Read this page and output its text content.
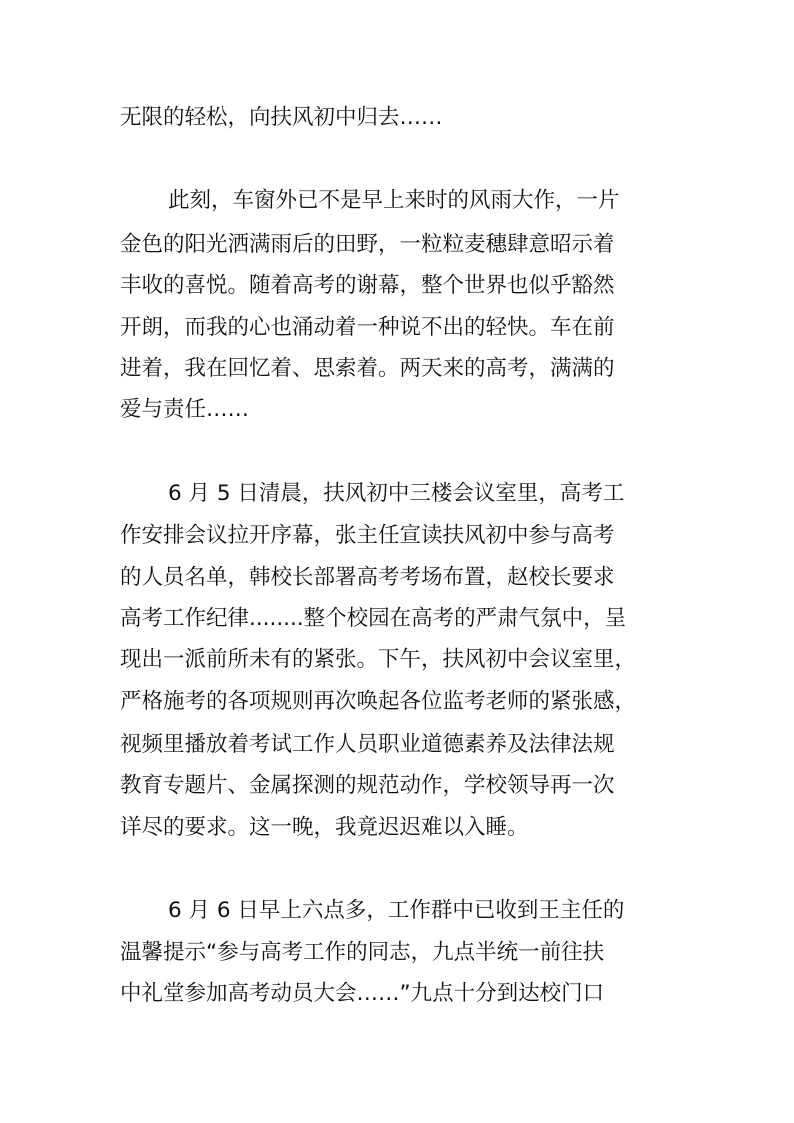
无限的轻松，向扶风初中归去……
此刻，车窗外已不是早上来时的风雨大作，一片
金色的阳光洒满雨后的田野，一粒粒麦穗肆意昭示着
丰收的喜悦。随着高考的谢幕，整个世界也似乎豁然
开朗，而我的心也涌动着一种说不出的轻快。车在前
进着，我在回忆着、思索着。两天来的高考，满满的
爱与责任……
6 月 5 日清晨，扶风初中三楼会议室里，高考工
作安排会议拉开序幕，张主任宣读扶风初中参与高考
的人员名单，韩校长部署高考考场布置，赵校长要求
高考工作纪律........整个校园在高考的严肃气氛中，呈
现出一派前所未有的紧张。下午，扶风初中会议室里，
严格施考的各项规则再次唤起各位监考老师的紧张感，
视频里播放着考试工作人员职业道德素养及法律法规
教育专题片、金属探测的规范动作，学校领导再一次
详尽的要求。这一晚，我竟迟迟难以入睡。
6 月 6 日早上六点多，工作群中已收到王主任的
温馨提示“参与高考工作的同志，九点半统一前往扶
中礼堂参加高考动员大会……”九点十分到达校门口
